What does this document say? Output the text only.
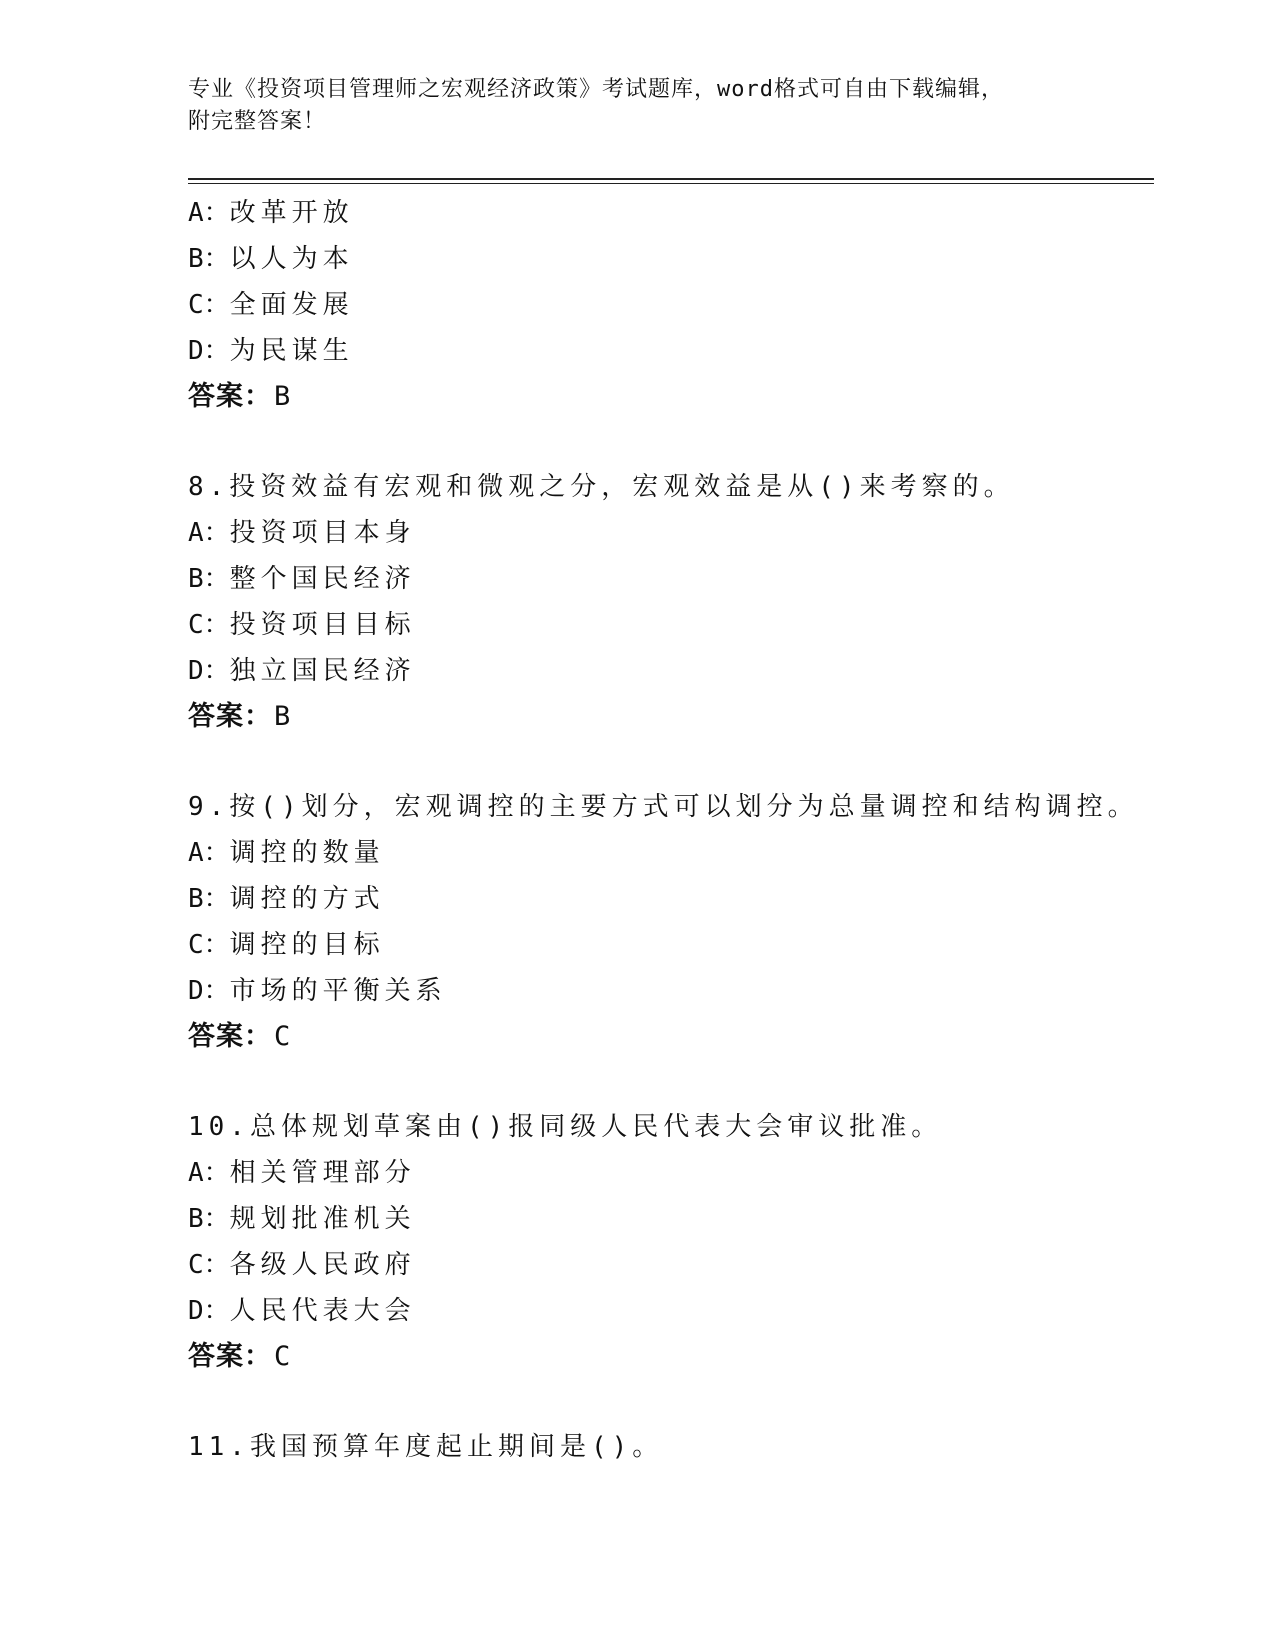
专业《投资项目管理师之宏观经济政策》考试题库，word格式可自由下载编辑，
附完整答案！
A：改革开放
B：以人为本
C：全面发展
D：为民谋生
答案：B
8.投资效益有宏观和微观之分，宏观效益是从()来考察的。
A：投资项目本身
B：整个国民经济
C：投资项目目标
D：独立国民经济
答案：B
9.按()划分，宏观调控的主要方式可以划分为总量调控和结构调控。
A：调控的数量
B：调控的方式
C：调控的目标
D：市场的平衡关系
答案：C
10.总体规划草案由()报同级人民代表大会审议批准。
A：相关管理部分
B：规划批准机关
C：各级人民政府
D：人民代表大会
答案：C
11.我国预算年度起止期间是()。
